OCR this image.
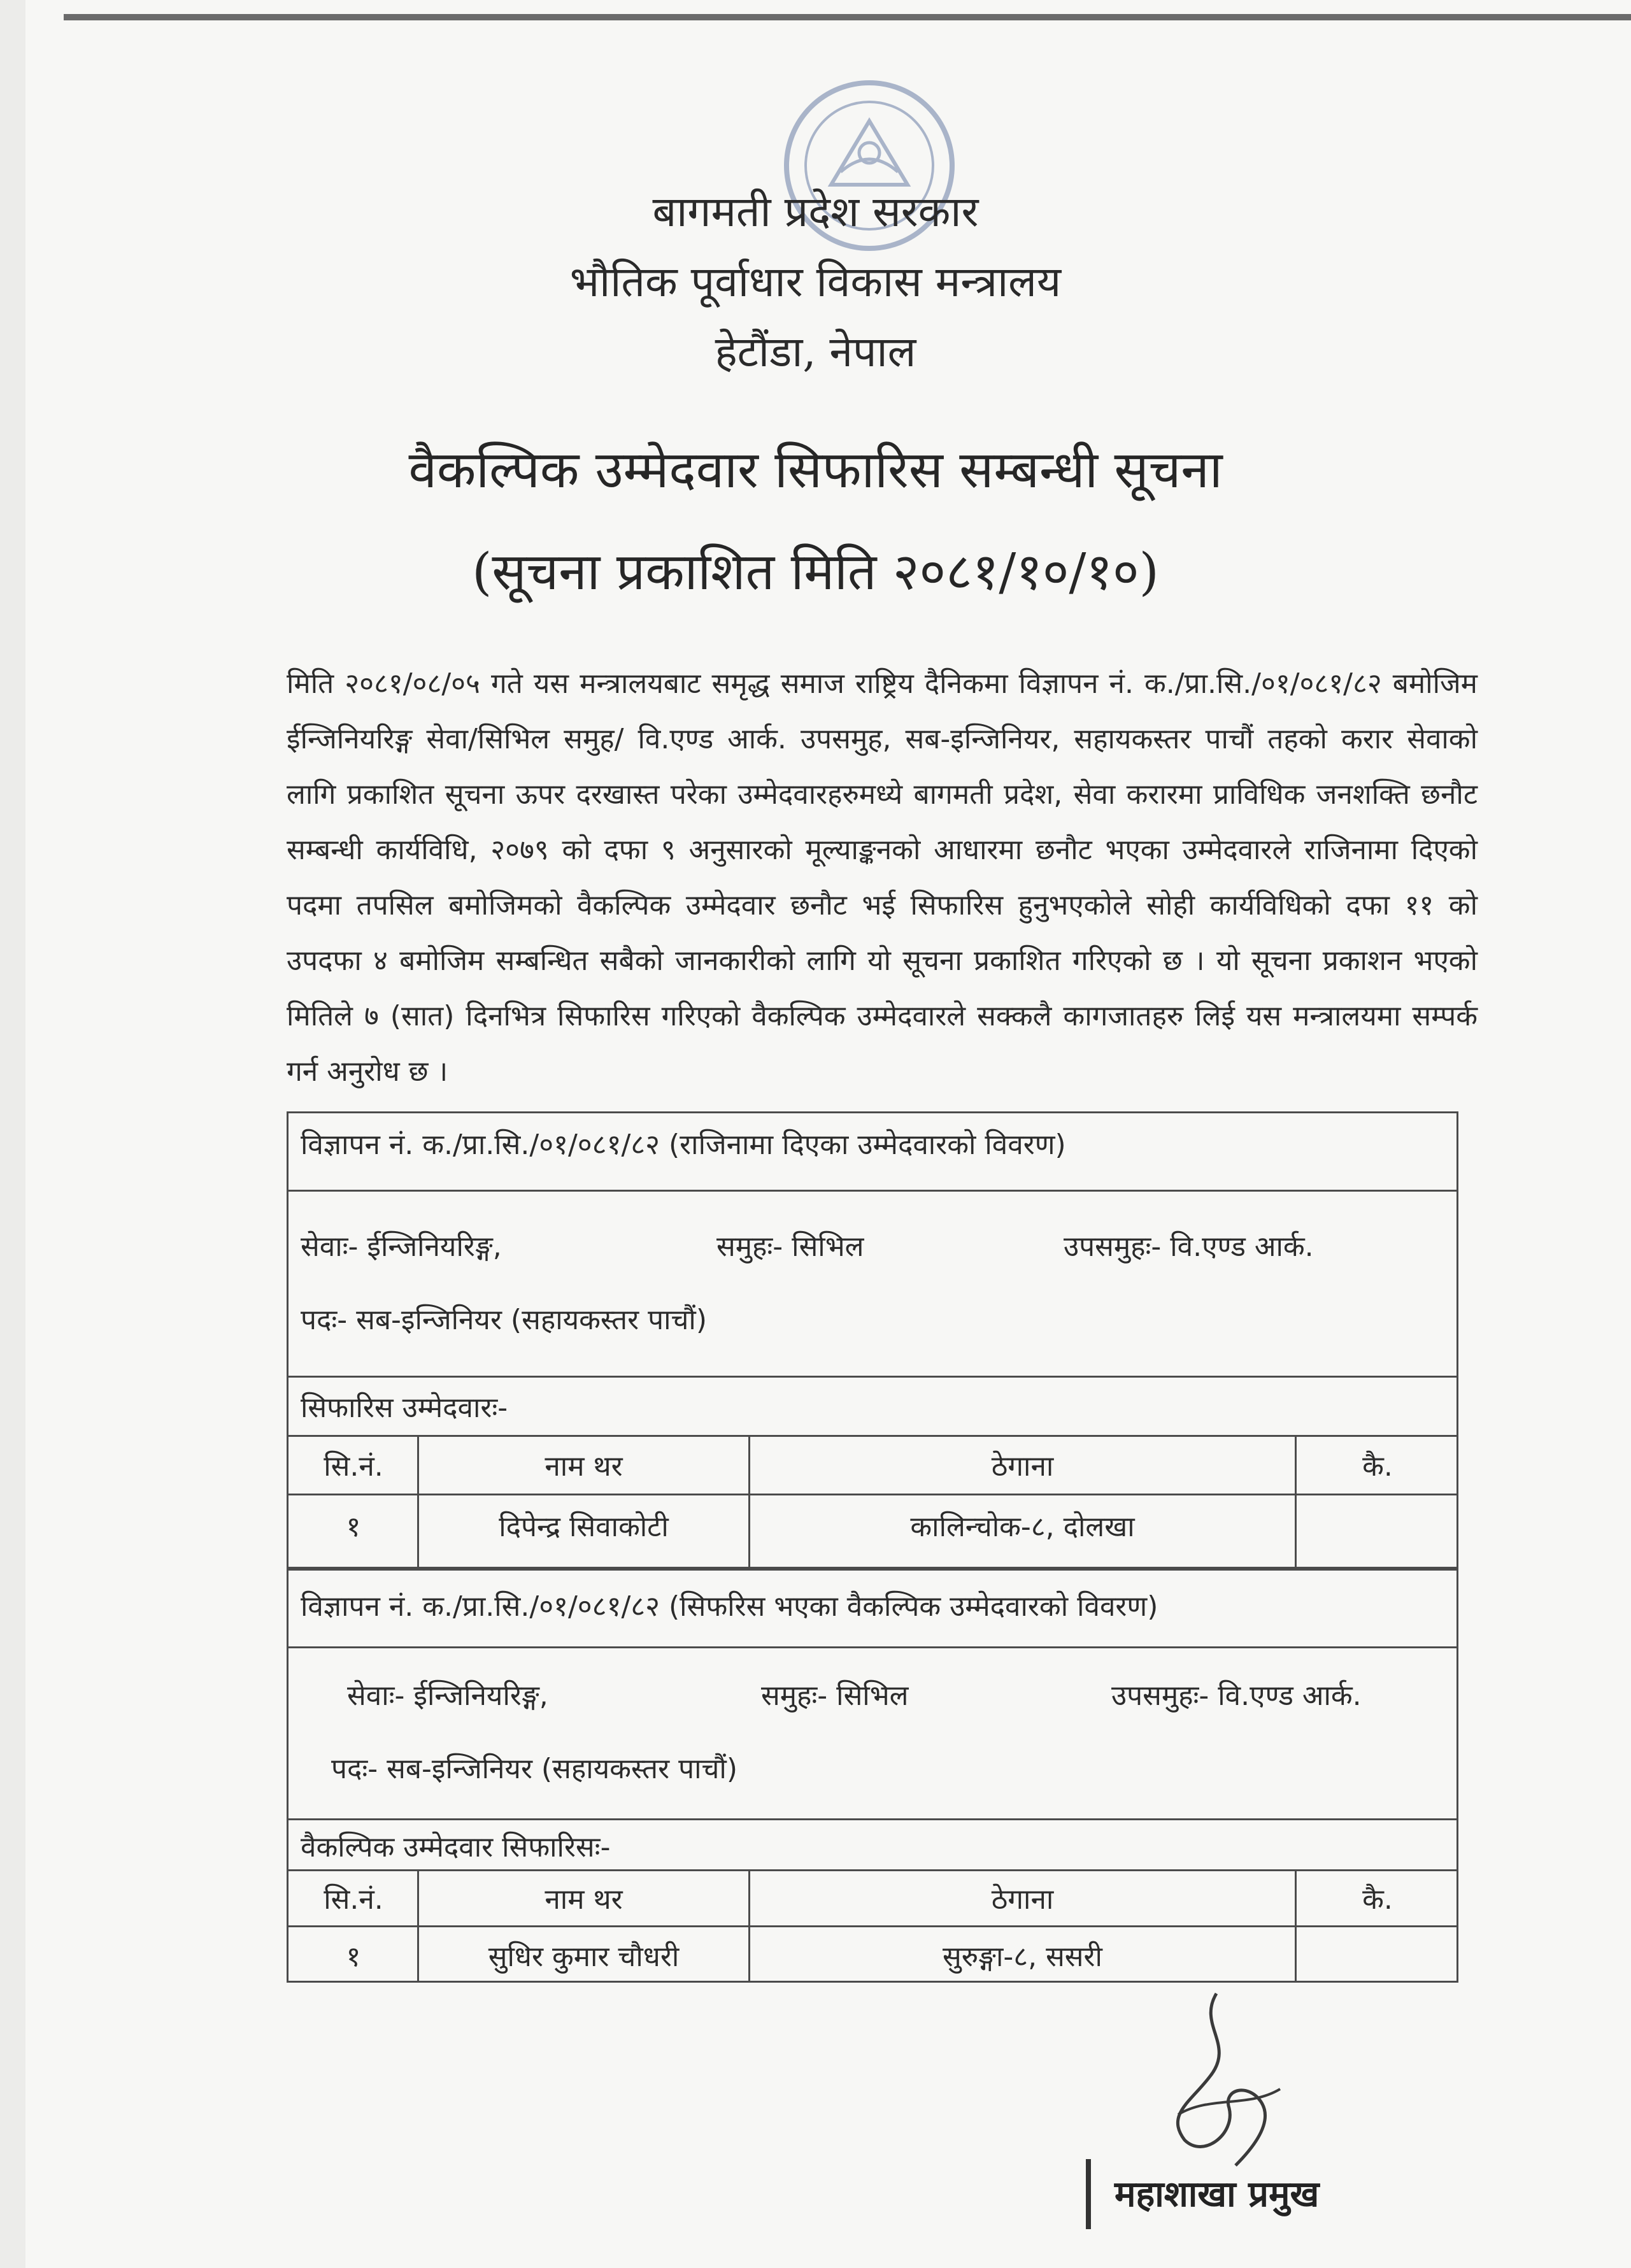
बागमती प्रदेश सरकार
भौतिक पूर्वाधार विकास मन्त्रालय
हेटौंडा, नेपाल
वैकल्पिक उम्मेदवार सिफारिस सम्बन्धी सूचना
(सूचना प्रकाशित मिति २०८१/१०/१०)

मिति २०८१/०८/०५ गते यस मन्त्रालयबाट समृद्ध समाज राष्ट्रिय दैनिकमा विज्ञापन नं. क./प्रा.सि./०१/०८१/८२ बमोजिम ईन्जिनियरिङ्ग सेवा/सिभिल समुह/ वि.एण्ड आर्क. उपसमुह, सब-इन्जिनियर, सहायकस्तर पाचौं तहको करार सेवाको लागि प्रकाशित सूचना ऊपर दरखास्त परेका उम्मेदवारहरुमध्ये बागमती प्रदेश, सेवा करारमा प्राविधिक जनशक्ति छनौट सम्बन्धी कार्यविधि, २०७९ को दफा ९ अनुसारको मूल्याङ्कनको आधारमा छनौट भएका उम्मेदवारले राजिनामा दिएको पदमा तपसिल बमोजिमको वैकल्पिक उम्मेदवार छनौट भई सिफारिस हुनुभएकोले सोही कार्यविधिको दफा ११ को उपदफा ४ बमोजिम सम्बन्धित सबैको जानकारीको लागि यो सूचना प्रकाशित गरिएको छ । यो सूचना प्रकाशन भएको मितिले ७ (सात) दिनभित्र सिफारिस गरिएको वैकल्पिक उम्मेदवारले सक्कलै कागजातहरु लिई यस मन्त्रालयमा सम्पर्क गर्न अनुरोध छ ।

विज्ञापन नं. क./प्रा.सि./०१/०८१/८२ (राजिनामा दिएका उम्मेदवारको विवरण)
सेवाः- ईन्जिनियरिङ्ग,	समुहः- सिभिल	उपसमुहः- वि.एण्ड आर्क.
पदः- सब-इन्जिनियर (सहायकस्तर पाचौं)
सिफारिस उम्मेदवारः-
सि.नं.	नाम थर	ठेगाना	कै.
१	दिपेन्द्र सिवाकोटी	कालिन्चोक-८, दोलखा
विज्ञापन नं. क./प्रा.सि./०१/०८१/८२ (सिफरिस भएका वैकल्पिक उम्मेदवारको विवरण)
सेवाः- ईन्जिनियरिङ्ग,	समुहः- सिभिल	उपसमुहः- वि.एण्ड आर्क.
पदः- सब-इन्जिनियर (सहायकस्तर पाचौं)
वैकल्पिक उम्मेदवार सिफारिसः-
सि.नं.	नाम थर	ठेगाना	कै.
१	सुधिर कुमार चौधरी	सुरुङ्गा-८, ससरी
महाशाखा प्रमुख
